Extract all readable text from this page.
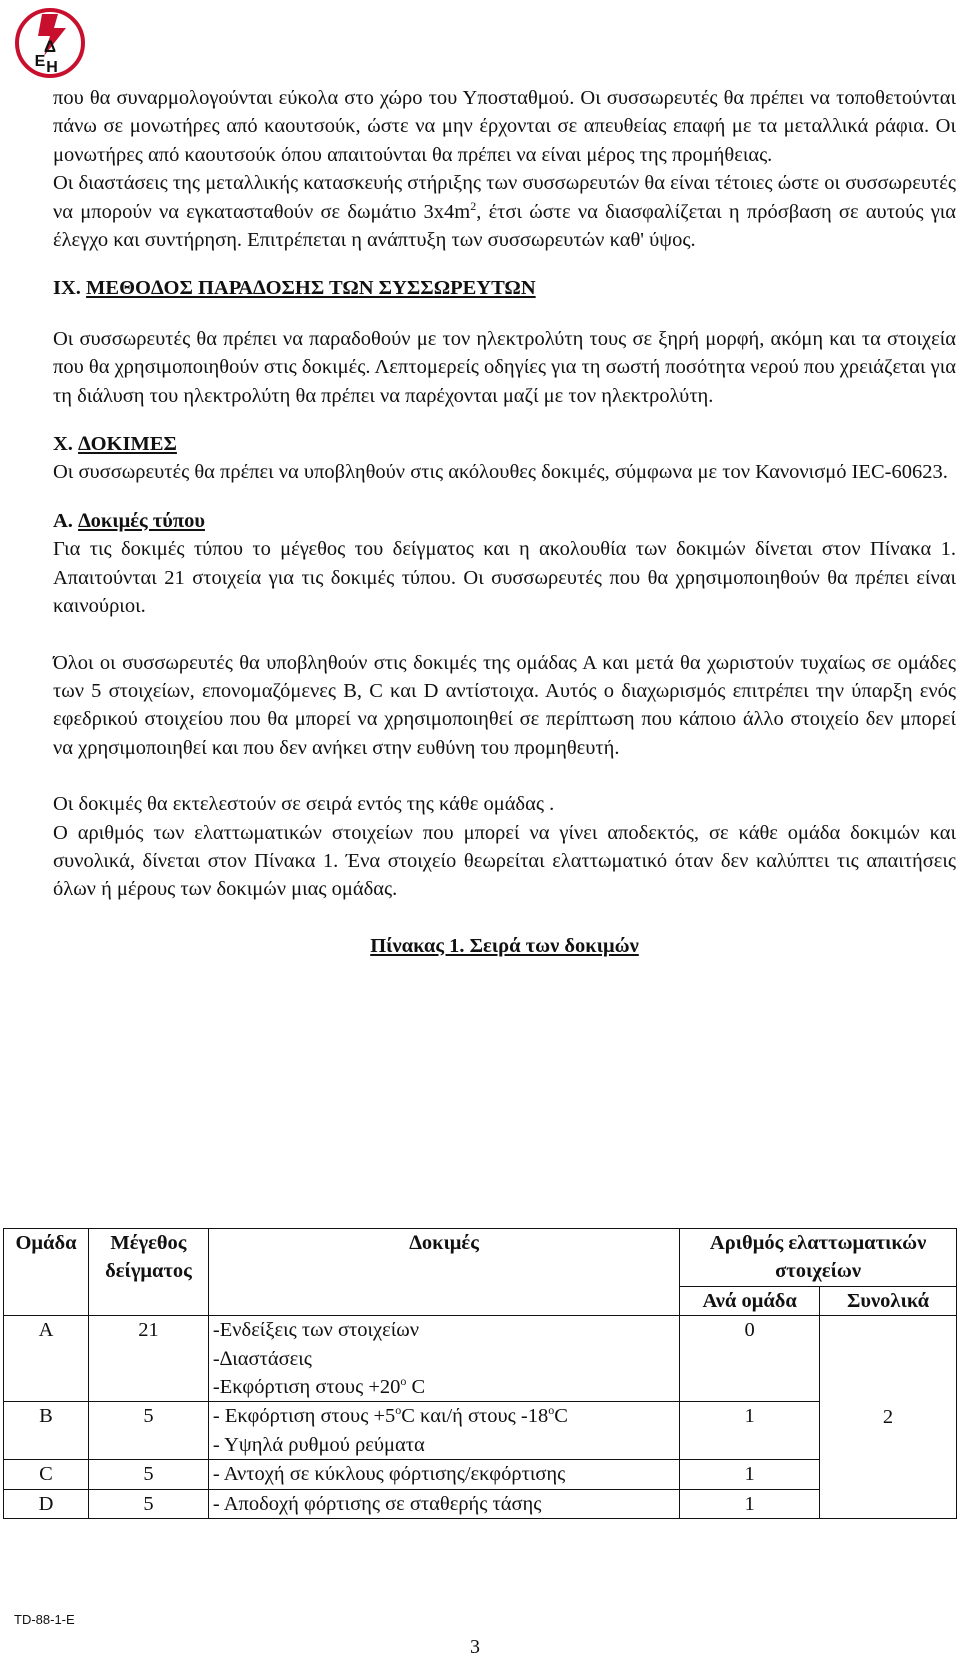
Δ
Ε Η

που θα συναρμολογούνται εύκολα στο χώρο του Υποσταθμού. Οι συσσωρευτές θα πρέπει να τοποθετούνται πάνω σε μονωτήρες από καουτσούκ, ώστε να μην έρχονται σε απευθείας επαφή με τα μεταλλικά ράφια. Οι μονωτήρες από καουτσούκ όπου απαιτούνται θα πρέπει να είναι μέρος της προμήθειας.

Οι διαστάσεις της μεταλλικής κατασκευής στήριξης των συσσωρευτών θα είναι τέτοιες ώστε οι συσσωρευτές να μπορούν να εγκατασταθούν σε δωμάτιο $3x4m^2$, έτσι ώστε να διασφαλίζεται η πρόσβαση σε αυτούς για έλεγχο και συντήρηση. Επιτρέπεται η ανάπτυξη των συσσωρευτών καθ' ύψος.

IX. ΜΕΘΟ∆ΟΣ ΠΑΡΑ∆ΟΣΗΣ ΤΩΝ ΣΥΣΣΩΡΕΥΤΩΝ

Οι συσσωρευτές θα πρέπει να παραδοθούν με τον ηλεκτρολύτη τους σε ξηρή μορφή, ακόμη και τα στοιχεία που θα χρησιμοποιηθούν στις δοκιμές. Λεπτομερείς οδηγίες για τη σωστή ποσότητα νερού που χρειάζεται για τη διάλυση του ηλεκτρολύτη θα πρέπει να παρέχονται μαζί με τον ηλεκτρολύτη.

X. ∆ΟΚΙΜΕΣ

Οι συσσωρευτές θα πρέπει να υποβληθούν στις ακόλουθες δοκιμές, σύμφωνα με τον Κανονισμό IEC-60623.

Α. ∆οκιμές τύπου

Για τις δοκιμές τύπου το μέγεθος του δείγματος και η ακολουθία των δοκιμών δίνεται στον Πίνακα 1. Απαιτούνται 21 στοιχεία για τις δοκιμές τύπου. Οι συσσωρευτές που θα χρησιμοποιηθούν θα πρέπει είναι καινούριοι.

Όλοι οι συσσωρευτές θα υποβληθούν στις δοκιμές της ομάδας Α και μετά θα χωριστούν τυχαίως σε ομάδες των 5 στοιχείων, επονομαζόμενες B, C και D αντίστοιχα. Αυτός ο διαχωρισμός επιτρέπει την ύπαρξη ενός εφεδρικού στοιχείου που θα μπορεί να χρησιμοποιηθεί σε περίπτωση που κάποιο άλλο στοιχείο δεν μπορεί να χρησιμοποιηθεί και που δεν ανήκει στην ευθύνη του προμηθευτή.

Οι δοκιμές θα εκτελεστούν σε σειρά εντός της κάθε ομάδας .

Ο αριθμός των ελαττωματικών στοιχείων που μπορεί να γίνει αποδεκτός, σε κάθε ομάδα δοκιμών και συνολικά, δίνεται στον Πίνακα 1. Ένα στοιχείο θεωρείται ελαττωματικό όταν δεν καλύπτει τις απαιτήσεις όλων ή μέρους των δοκιμών μιας ομάδας.

Πίνακας 1. Σειρά των δοκιμών

Ομάδα	Μέγεθος δείγματος	∆οκιμές	Αριθμός ελαττωματικών στοιχείων	
			Ανά ομάδα	Συνολικά
Α	21	-Ενδείξεις των στοιχείων
-∆ιαστάσεις
-Εκφόρτιση $\sigma\tau o\upsilon\varsigma +20^o$ C	0	2
B	5	- Εκφόρτιση $\sigma\tau o\upsilon\varsigma +5^oC$ και/ή στους -18$^o$C
- Υψηλά ρυθμού ρεύματα	1	
C	5	- Αντοχή σε κύκλους φόρτισης/εκφόρτισης	1	
D	5	- Αποδοχή φόρτισης σε σταθερής τάσης	1	
TD-88-1-E
3
